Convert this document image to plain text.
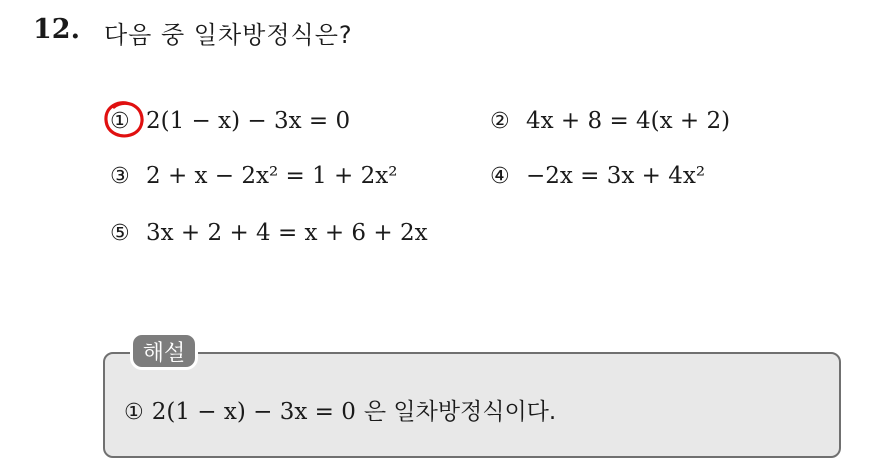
12. 다음 중 일차방정식은?
① 2(1 − x) − 3x = 0	② 4x + 8 = 4(x + 2)
③ 2 + x − 2x² = 1 + 2x²	④ −2x = 3x + 4x²
⑤ 3x + 2 + 4 = x + 6 + 2x
해설
① 2(1 − x) − 3x = 0 은 일차방정식이다.
